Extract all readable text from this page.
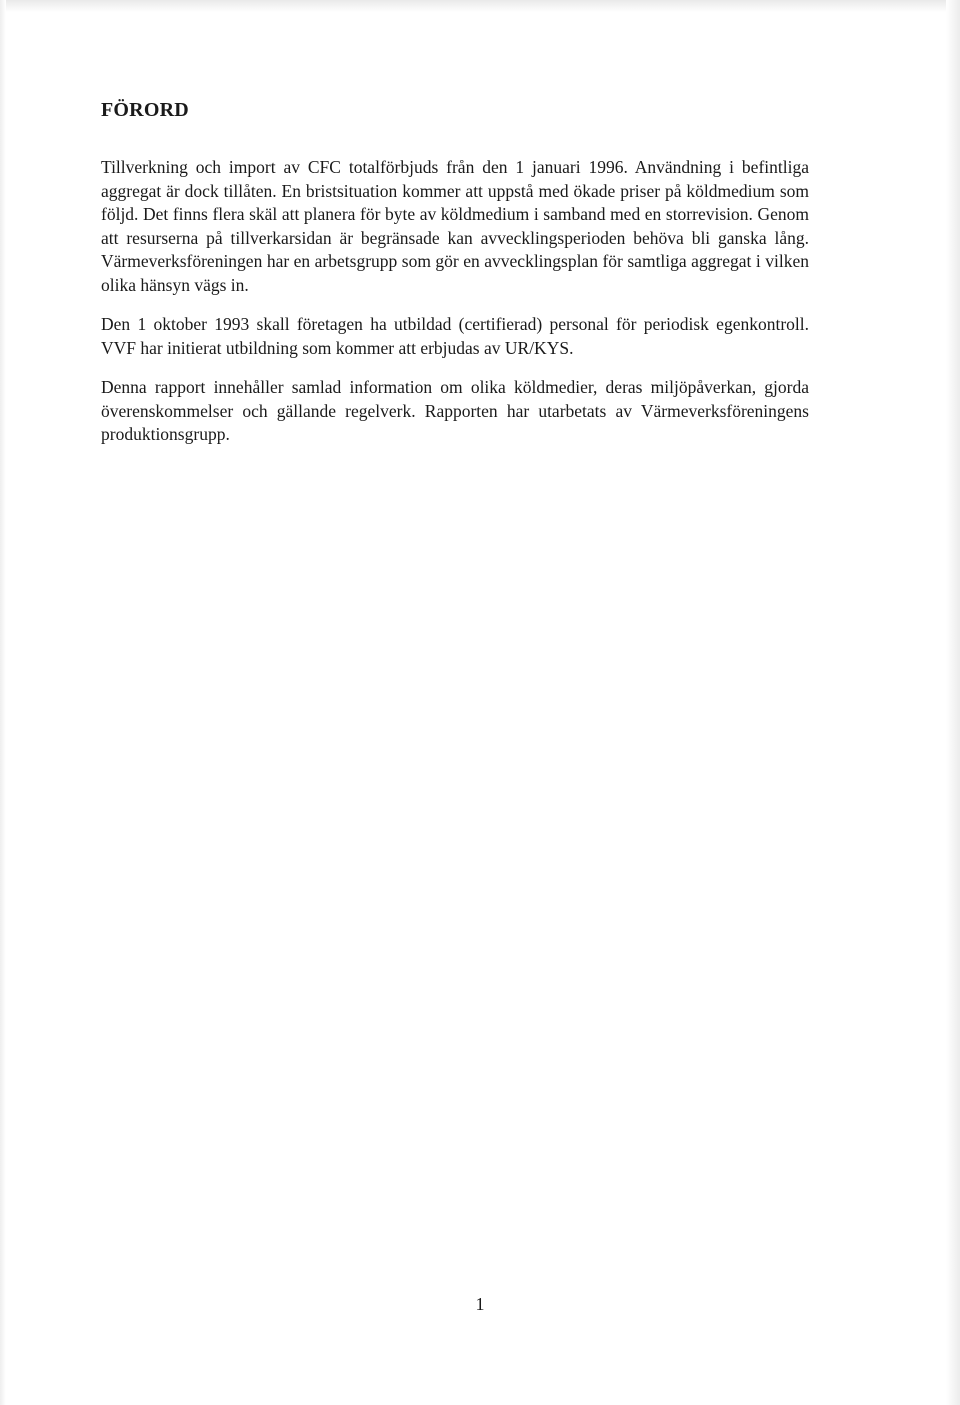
FÖRORD

Tillverkning och import av CFC totalförbjuds från den 1 januari 1996. Användning i befintliga aggregat är dock tillåten. En bristsituation kommer att uppstå med ökade priser på köldmedium som följd. Det finns flera skäl att planera för byte av köldmedium i samband med en storrevision. Genom att resurserna på tillverkarsidan är begränsade kan avvecklingsperioden behöva bli ganska lång. Värmeverksföreningen har en arbetsgrupp som gör en avvecklingsplan för samtliga aggregat i vilken olika hänsyn vägs in.

Den 1 oktober 1993 skall företagen ha utbildad (certifierad) personal för periodisk egenkontroll. VVF har initierat utbildning som kommer att erbjudas av UR/KYS.

Denna rapport innehåller samlad information om olika köldmedier, deras miljöpåverkan, gjorda överenskommelser och gällande regelverk. Rapporten har utarbetats av Värmeverksföreningens produktionsgrupp.

1
